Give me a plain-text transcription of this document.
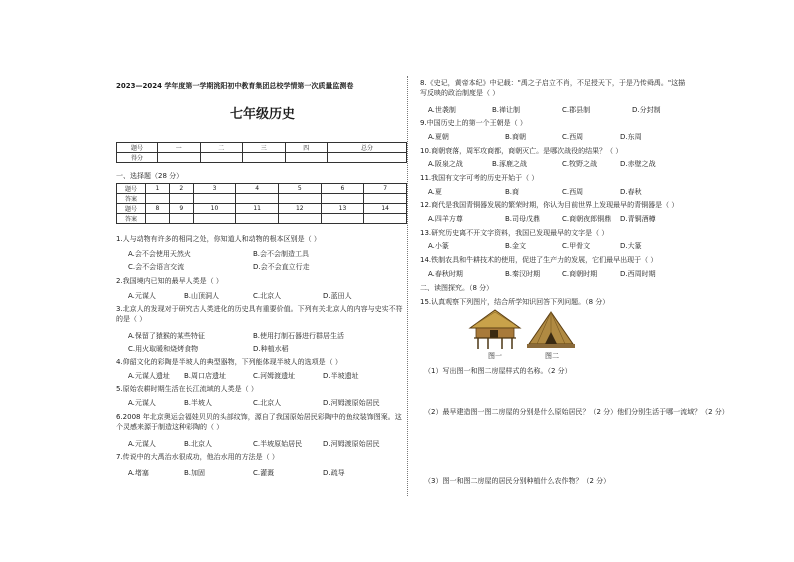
2023—2024 学年度第一学期洮阳初中教育集团总校学情第一次质量监测卷
七年级历史
题号	一	二	三	四	总分
得分					
一、选择题（28 分）
题号	1	2	3	4	5	6	7
答案							
题号	8	9	10	11	12	13	14
答案							
1.人与动物有许多的相同之处，你知道人和动物的根本区别是（ ）
A.会不会使用天然火	B.会不会制造工具
C.会不会语言交流	D.会不会直立行走
2.我国境内已知的最早人类是（ ）
A.元谋人	B.山顶洞人	C.北京人	D.蓝田人
3.北京人的发现对于研究古人类进化的历史具有重要价值。下列有关北京人的内容与史实不符的是（ ）
A.保留了猿猴的某些特征	B.使用打制石器进行群居生活
C.用火取暖和烧烤食物	D.种植水稻
4.仰韶文化的彩陶是半坡人的典型器物，下列能体现半坡人的选项是（ ）
A.元谋人遗址 B.周口店遗址	C.河姆渡遗址	D.半坡遗址
5.原始农耕时期生活在长江流域的人类是（ ）
A.元谋人	B.半坡人	C.北京人	D.河姆渡原始居民
6.2008 年北京奥运会福娃贝贝的头部纹饰，源自了我国原始居民彩陶中的鱼纹装饰图案。这个灵感来源于制造这种彩陶的（ ）
A.元谋人	B.北京人	C.半坡原始居民	D.河姆渡原始居民
7.传说中的大禹治水很成功，他治水用的方法是（ ）
A.堵塞	B.加固	C.灌溉	D.疏导
8.《史记，黄帝本纪》中记载："禹之子启立不肖，不足授天下，于是乃传舜禹。"这描写反映的政治制度是（ ）
A.世袭制	B.禅让制	C.郡县制	D.分封制
9.中国历史上的第一个王朝是（ ）
A.夏朝	B.商朝	C.西周	D.东周
10.商朝衰落，周军攻商都，商朝灭亡。是哪次战役的结果？（ ）
A.阪泉之战	B.涿鹿之战	C.牧野之战	D.赤壁之战
11.我国有文字可考的历史开始于（ ）
A.夏	B.商	C.西周	D.春秋
12.商代是我国青铜器发展的繁荣时期，你认为目前世界上发现最早的青铜器是（ ）
A.四羊方尊	B.司母戊鼎	C.商朝夜郎铜鼎 D.青铜酒樽
13.研究历史离不开文字资料，我国已发现最早的文字是（ ）
A.小篆	B.金文	C.甲骨文	D.大篆
14.铁制农具和牛耕技术的使用，促进了生产力的发展，它们最早出现于（ ）
A.春秋时期	B.秦汉时期	C.商朝时期	D.西周时期
二、读图探究。（8 分）
15.认真观察下列图片，结合所学知识回答下列问题。（8 分）
图一	图二
（1）写出图一和图二房屋样式的名称。（2 分）
（2）最早建造图一图二房屋的分别是什么原始居民？（2 分）他们分别生活于哪一流域？（2 分）
（3）图一和图二房屋的居民分别种植什么农作物？（2 分）
